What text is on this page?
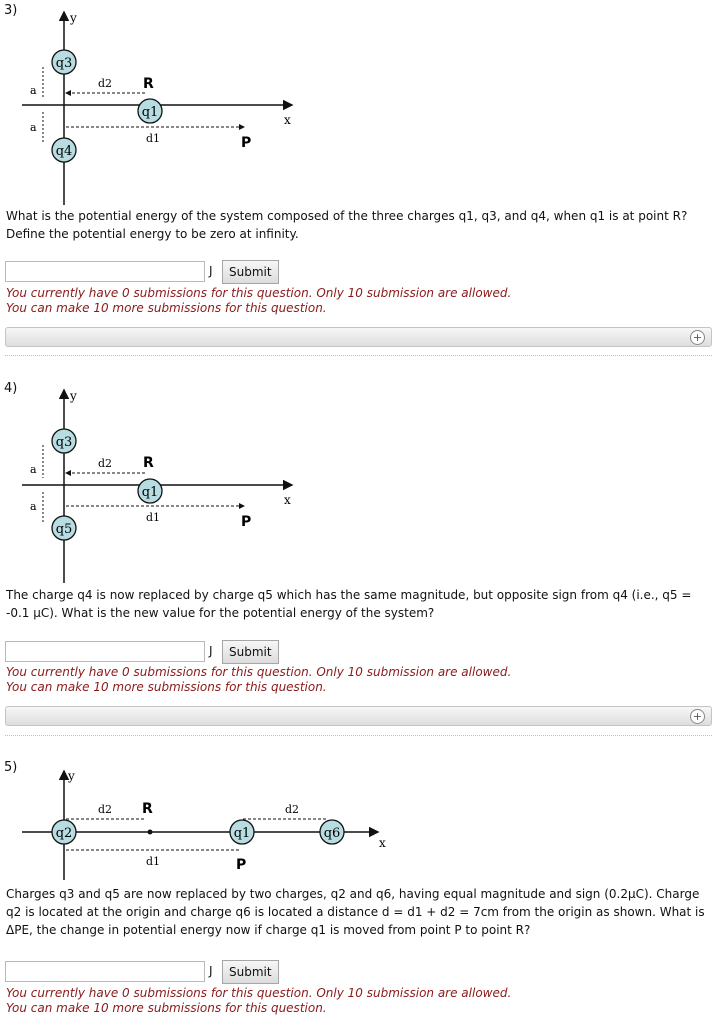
3)	y
x
a
a
d2
d1
R
P
q3
q1
q4
What is the potential energy of the system composed of the three charges q1, q3, and q4, when q1 is at point R? Define the potential energy to be zero at infinity.
J	Submit
You currently have 0 submissions for this question. Only 10 submission are allowed.
You can make 10 more submissions for this question.
+
4)	y
x
a
a
d2
d1
R
P
q3
q1
q5
The charge q4 is now replaced by charge q5 which has the same magnitude, but opposite sign from q4 (i.e., q5 = -0.1 μC). What is the new value for the potential energy of the system?
J	Submit
You currently have 0 submissions for this question. Only 10 submission are allowed.
You can make 10 more submissions for this question.
+
5)
y
x
d2	d2
d1
R
P
q2	q1	q6
Charges q3 and q5 are now replaced by two charges, q2 and q6, having equal magnitude and sign (0.2μC). Charge q2 is located at the origin and charge q6 is located a distance d = d1 + d2 = 7cm from the origin as shown. What is ΔPE, the change in potential energy now if charge q1 is moved from point P to point R?
J	Submit
You currently have 0 submissions for this question. Only 10 submission are allowed.
You can make 10 more submissions for this question.
